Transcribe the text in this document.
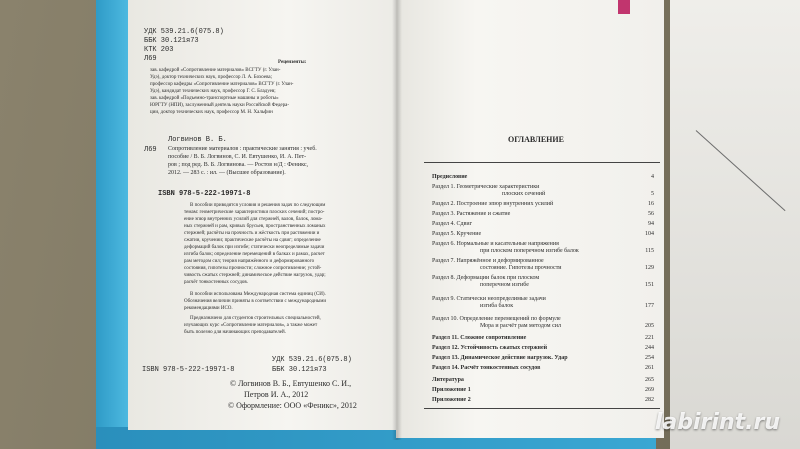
УДК 539.21.6(075.8)
ББК 30.121я73
КТК 203
Л69	Рецензенты:
зав. кафедрой «Сопротивление материалов» ВСГТУ (г. Улан-
Удэ), доктор технических наук, профессор Л. А. Бохоева;
профессор кафедры «Сопротивление материалов» ВСГТУ (г. Улан-
Удэ), кандидат технических наук, профессор Г. С. Бладуев;
зав. кафедрой «Подъемно-транспортные машины и роботы»
ЮРГТУ (НПИ), заслуженный деятель науки Российской Федера-
ции, доктор технических наук, профессор М. Н. Хальфин
Логвинов В. Б.
Л69 Сопротивление материалов : практические занятия : учеб.
пособие / В. Б. Логвинов, С. И. Евтушенко, И. А. Пет-
ров ; под ред. В. Б. Логвинова. — Ростов н/Д : Феникс,
2012. — 283 с. : ил. — (Высшее образование).
ISBN 978-5-222-19971-8
В пособии приводятся условия и решения задач по следующим
темам: геометрические характеристики плоских сечений; постро-
ение эпюр внутренних усилий для стержней, валов, балок, лома-
ных стержней и рам, кривых брусьев, пространственных ломаных
стержней; расчёты на прочность и жёсткость при растяжении и
сжатии, кручении; практические расчёты на сдвиг; определение
деформаций балок при изгибе; статически неопределимые задачи
изгиба балок; определение перемещений в балках и рамах, расчет
рам методом сил; теория напряжённого и деформированного
состояния, гипотезы прочности; сложное сопротивление; устой-
чивость сжатых стержней; динамическое действие нагрузок, удар;
расчёт тонкостенных сосудов.
В пособии использована Международная система единиц (СИ).
Обозначения величин приняты в соответствии с международными
рекомендациями ИСО.
Предназначено для студентов строительных специальностей,
изучающих курс «Сопротивление материалов», а также может
быть полезно для начинающих преподавателей.
ISBN 978-5-222-19971-8
УДК 539.21.6(075.8)
ББК 30.121я73
© Логвинов В. Б., Евтушенко С. И.,
Петров И. А., 2012
© Оформление: ООО «Феникс», 2012
ОГЛАВЛЕНИЕ
Предисловие	4
Раздел 1. Геометрические характеристики
плоских сечений	5
Раздел 2. Построение эпюр внутренних усилий	16
Раздел 3. Растяжение и сжатие	56
Раздел 4. Сдвиг	94
Раздел 5. Кручение	104
Раздел 6. Нормальные и касательные напряжения
при плоском поперечном изгибе балок	115
Раздел 7. Напряжённое и деформированное
состояние. Гипотезы прочности	129
Раздел 8. Деформации балок при плоском
поперечном изгибе	151
Раздел 9. Статически неопределимые задачи
изгиба балок	177
Раздел 10. Определение перемещений по формуле
Мора и расчёт рам методом сил	205
Раздел 11. Сложное сопротивление	221
Раздел 12. Устойчивость сжатых стержней	244
Раздел 13. Динамическое действие нагрузок. Удар	254
Раздел 14. Расчёт тонкостенных сосудов	261
Литература	265
Приложение 1	269
Приложение 2	282
labirint.ru
